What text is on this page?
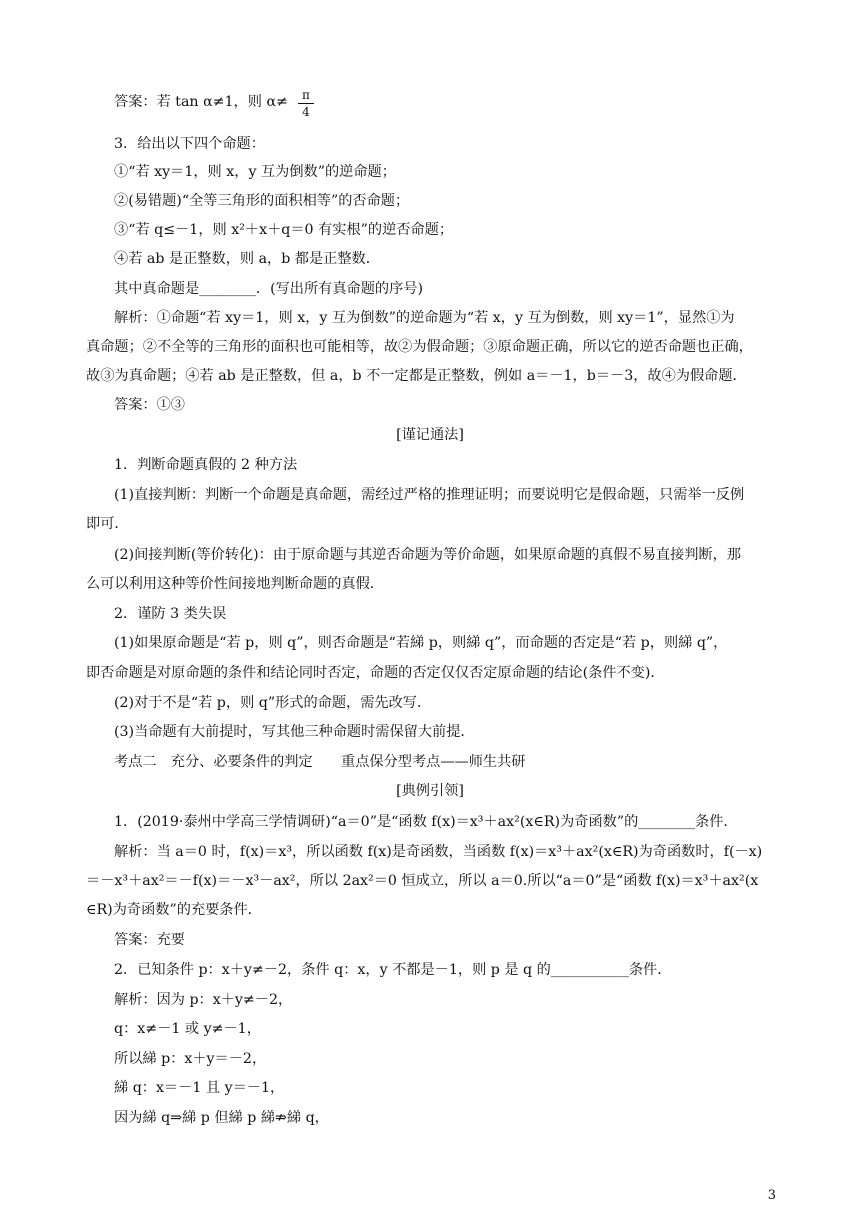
答案：若 tan α≠1，则 α≠	π
4
3．给出以下四个命题：
①“若 xy＝1，则 x，y 互为倒数”的逆命题；
②(易错题)“全等三角形的面积相等”的否命题；
③“若 q≤－1，则 x²＋x＋q＝0 有实根”的逆否命题；
④若 ab 是正整数，则 a，b 都是正整数．
其中真命题是________．(写出所有真命题的序号)
解析：①命题“若 xy＝1，则 x，y 互为倒数”的逆命题为“若 x，y 互为倒数，则 xy＝1”，显然①为
真命题；②不全等的三角形的面积也可能相等，故②为假命题；③原命题正确，所以它的逆否命题也正确，
故③为真命题；④若 ab 是正整数，但 a，b 不一定都是正整数，例如 a＝－1，b＝－3，故④为假命题．
答案：①③
[谨记通法]
1．判断命题真假的 2 种方法
(1)直接判断：判断一个命题是真命题，需经过严格的推理证明；而要说明它是假命题，只需举一反例
即可．
(2)间接判断(等价转化)：由于原命题与其逆否命题为等价命题，如果原命题的真假不易直接判断，那
么可以利用这种等价性间接地判断命题的真假．
2．谨防 3 类失误
(1)如果原命题是“若 p，则 q”，则否命题是“若綈 p，则綈 q”，而命题的否定是“若 p，则綈 q”，
即否命题是对原命题的条件和结论同时否定，命题的否定仅仅否定原命题的结论(条件不变)．
(2)对于不是“若 p，则 q”形式的命题，需先改写．
(3)当命题有大前提时，写其他三种命题时需保留大前提．
考点二　充分、必要条件的判定　　重点保分型考点——师生共研
[典例引领]
1．(2019·泰州中学高三学情调研)“a＝0”是“函数 f(x)＝x³＋ax²(x∈R)为奇函数”的________条件．
解析：当 a＝0 时，f(x)＝x³，所以函数 f(x)是奇函数，当函数 f(x)＝x³＋ax²(x∈R)为奇函数时，f(－x)
＝－x³＋ax²＝－f(x)＝－x³－ax²，所以 2ax²＝0 恒成立，所以 a＝0.所以“a＝0”是“函数 f(x)＝x³＋ax²(x
∈R)为奇函数”的充要条件．
答案：充要
2．已知条件 p：x＋y≠－2，条件 q：x，y 不都是－1，则 p 是 q 的___________条件．
解析：因为 p：x＋y≠－2，
q：x≠－1 或 y≠－1，
所以綈 p：x＋y＝－2，
綈 q：x＝－1 且 y＝－1，
因为綈 q⇒綈 p 但綈 p 綈⇏綈 q，
3
